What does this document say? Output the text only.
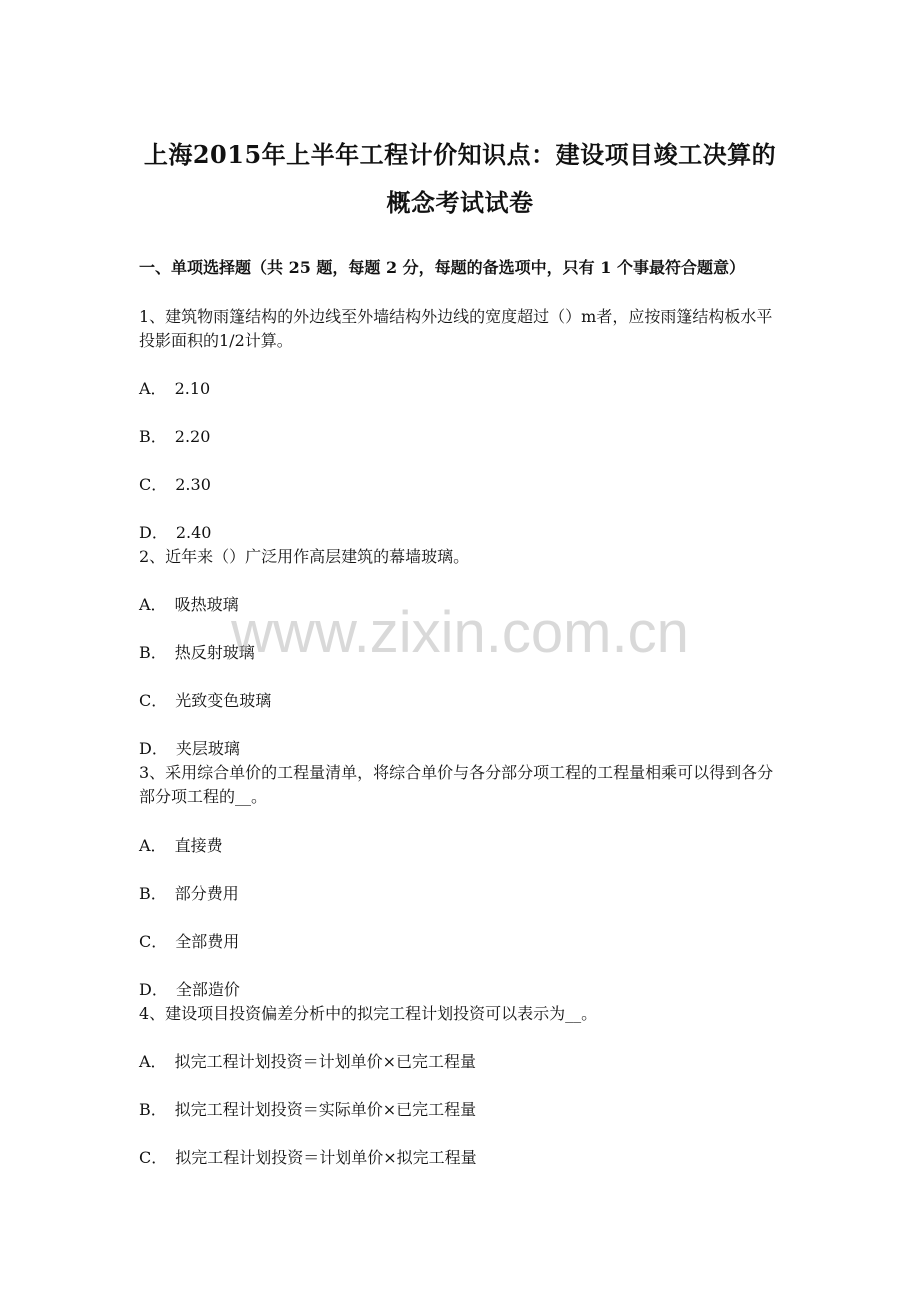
上海2015年上半年工程计价知识点：建设项目竣工决算的
概念考试试卷
一、单项选择题（共 25 题，每题 2 分，每题的备选项中，只有 1 个事最符合题意）
1、建筑物雨篷结构的外边线至外墙结构外边线的宽度超过（）m者，应按雨篷结构板水平投影面积的1/2计算。
A． 2.10
B． 2.20
C． 2.30
D． 2.40
2、近年来（）广泛用作高层建筑的幕墙玻璃。
A． 吸热玻璃
B． 热反射玻璃
C． 光致变色玻璃
D． 夹层玻璃
3、采用综合单价的工程量清单，将综合单价与各分部分项工程的工程量相乘可以得到各分部分项工程的__。
A． 直接费
B． 部分费用
C． 全部费用
D． 全部造价
4、建设项目投资偏差分析中的拟完工程计划投资可以表示为__。
A． 拟完工程计划投资＝计划单价×已完工程量
B． 拟完工程计划投资＝实际单价×已完工程量
C． 拟完工程计划投资＝计划单价×拟完工程量
www.zixin.com.cn
